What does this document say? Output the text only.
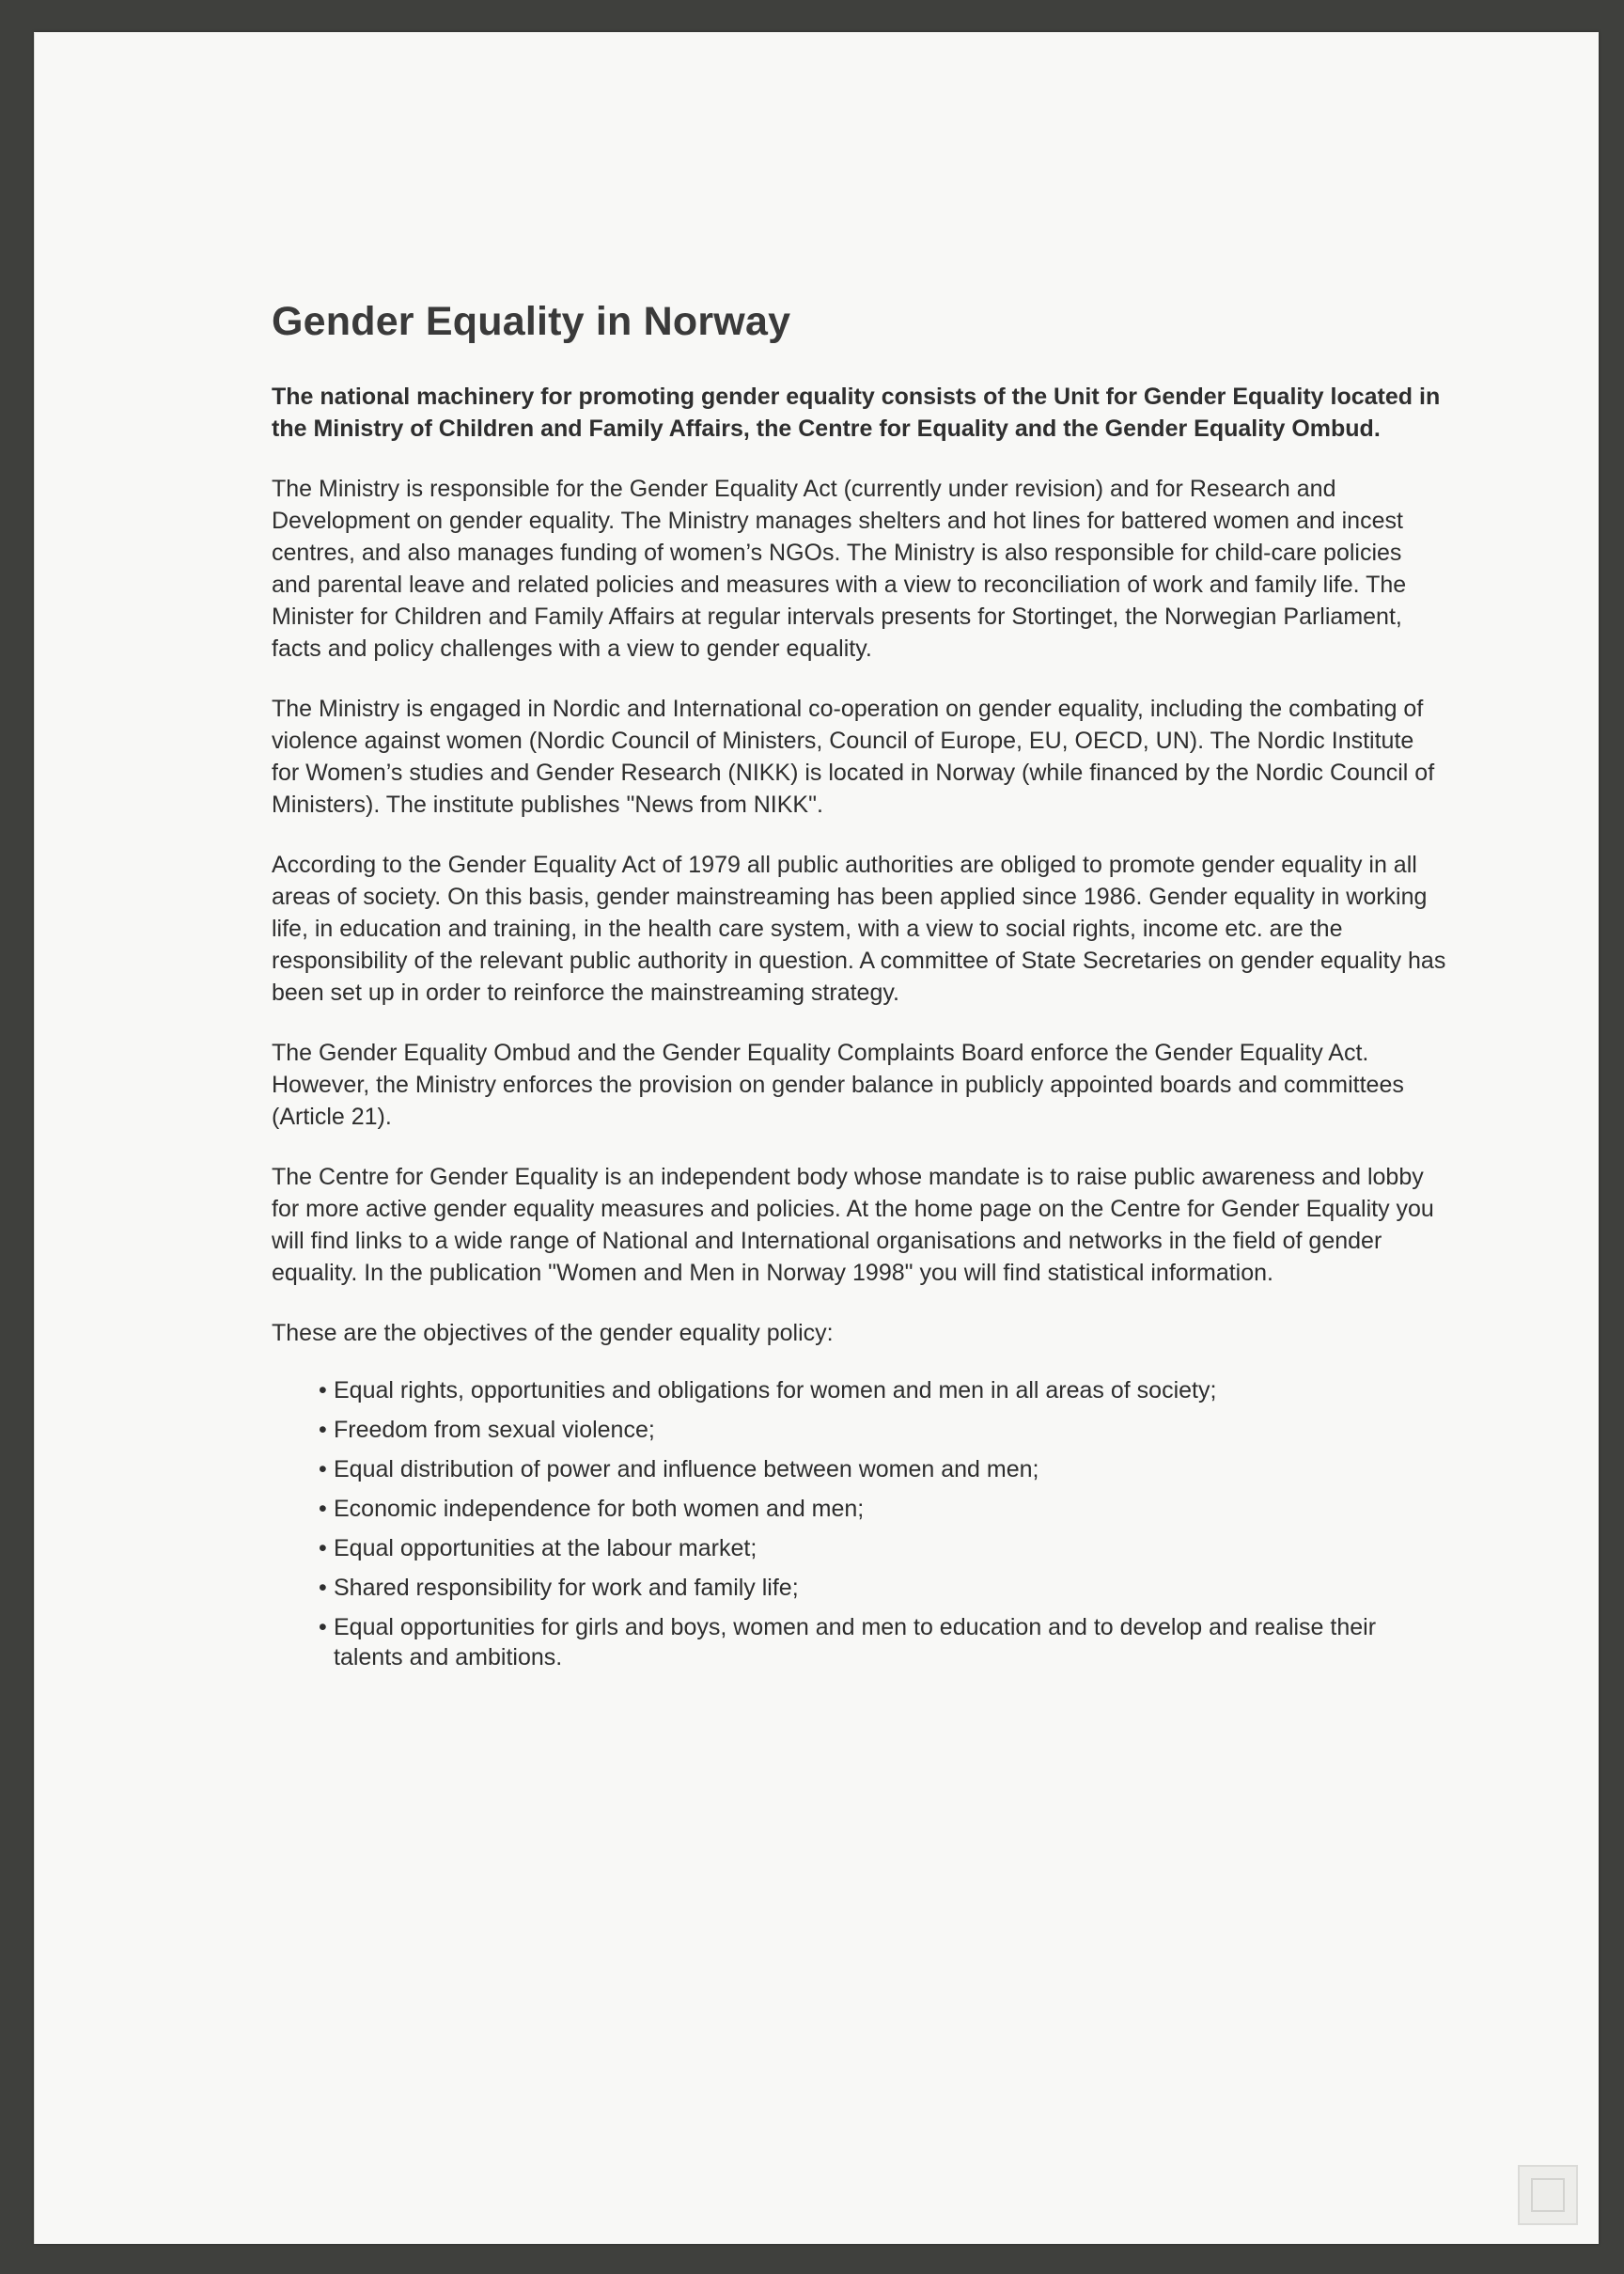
Gender Equality in Norway

The national machinery for promoting gender equality consists of the Unit for Gender Equality located in the Ministry of Children and Family Affairs, the Centre for Equality and the Gender Equality Ombud.

The Ministry is responsible for the Gender Equality Act (currently under revision) and for Research and Development on gender equality. The Ministry manages shelters and hot lines for battered women and incest centres, and also manages funding of women’s NGOs. The Ministry is also responsible for child-care policies and parental leave and related policies and measures with a view to reconciliation of work and family life. The Minister for Children and Family Affairs at regular intervals presents for Stortinget, the Norwegian Parliament, facts and policy challenges with a view to gender equality.

The Ministry is engaged in Nordic and International co-operation on gender equality, including the combating of violence against women (Nordic Council of Ministers, Council of Europe, EU, OECD, UN). The Nordic Institute for Women’s studies and Gender Research (NIKK) is located in Norway (while financed by the Nordic Council of Ministers). The institute publishes "News from NIKK".

According to the Gender Equality Act of 1979 all public authorities are obliged to promote gender equality in all areas of society. On this basis, gender mainstreaming has been applied since 1986. Gender equality in working life, in education and training, in the health care system, with a view to social rights, income etc. are the responsibility of the relevant public authority in question. A committee of State Secretaries on gender equality has been set up in order to reinforce the mainstreaming strategy.

The Gender Equality Ombud and the Gender Equality Complaints Board enforce the Gender Equality Act. However, the Ministry enforces the provision on gender balance in publicly appointed boards and committees (Article 21).

The Centre for Gender Equality is an independent body whose mandate is to raise public awareness and lobby for more active gender equality measures and policies. At the home page on the Centre for Gender Equality you will find links to a wide range of National and International organisations and networks in the field of gender equality. In the publication "Women and Men in Norway 1998" you will find statistical information.

These are the objectives of the gender equality policy:

• Equal rights, opportunities and obligations for women and men in all areas of society;
• Freedom from sexual violence;
• Equal distribution of power and influence between women and men;
• Economic independence for both women and men;
• Equal opportunities at the labour market;
• Shared responsibility for work and family life;
• Equal opportunities for girls and boys, women and men to education and to develop and realise their talents and ambitions.
